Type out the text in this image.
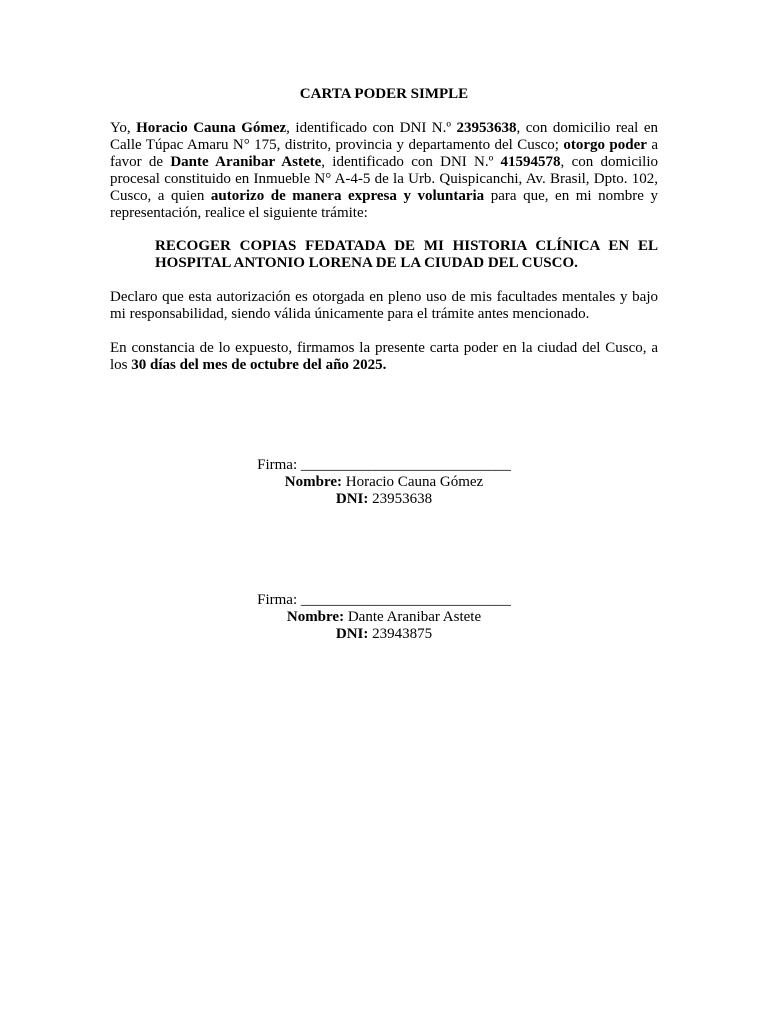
CARTA PODER SIMPLE

Yo, Horacio Cauna Gómez, identificado con DNI N.º 23953638, con domicilio real en Calle Túpac Amaru N° 175, distrito, provincia y departamento del Cusco; otorgo poder a favor de Dante Aranibar Astete, identificado con DNI N.º 41594578, con domicilio procesal constituido en Inmueble N° A-4-5 de la Urb. Quispicanchi, Av. Brasil, Dpto. 102, Cusco, a quien autorizo de manera expresa y voluntaria para que, en mi nombre y representación, realice el siguiente trámite:

RECOGER COPIAS FEDATADA DE MI HISTORIA CLÍNICA EN EL HOSPITAL ANTONIO LORENA DE LA CIUDAD DEL CUSCO.

Declaro que esta autorización es otorgada en pleno uso de mis facultades mentales y bajo mi responsabilidad, siendo válida únicamente para el trámite antes mencionado.

En constancia de lo expuesto, firmamos la presente carta poder en la ciudad del Cusco, a los 30 días del mes de octubre del año 2025.

Firma: ____________________________
Nombre: Horacio Cauna Gómez
DNI: 23953638
Firma: ____________________________
Nombre: Dante Aranibar Astete
DNI: 23943875
